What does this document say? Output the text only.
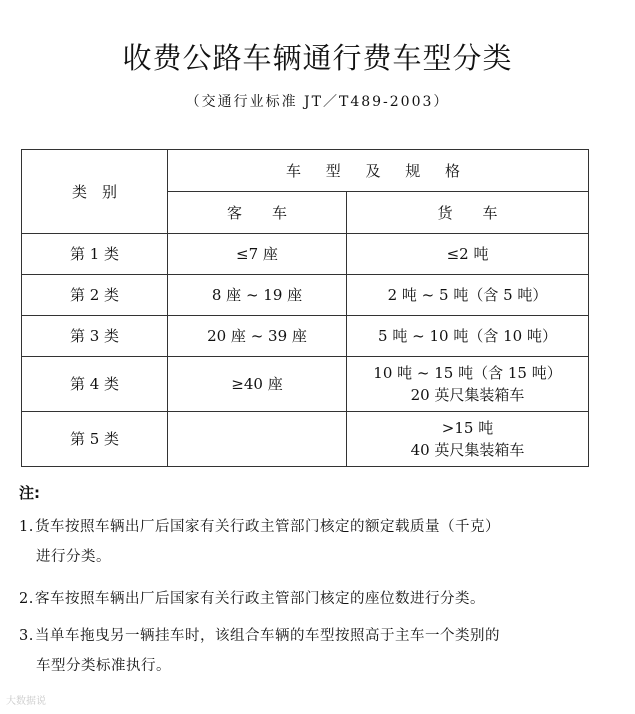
收费公路车辆通行费车型分类
（交通行业标准 JT／T489-2003）
类　别	车 型 及 规 格	
	客　　车	货　　车
第 1 类	≤7 座	≤2 吨

第 2 类	8 座 ~ 19 座	2 吨 ~ 5 吨（含 5 吨）

第 3 类	20 座 ~ 39 座	5 吨 ~ 10 吨（含 10 吨）

第 4 类	≥40 座	10 吨 ~ 15 吨（含 15 吨）
20 英尺集装箱车

第 5 类		>15 吨
40 英尺集装箱车
注:
1.货车按照车辆出厂后国家有关行政主管部门核定的额定载质量（千克）
进行分类。
2.客车按照车辆出厂后国家有关行政主管部门核定的座位数进行分类。
3.当单车拖曳另一辆挂车时，该组合车辆的车型按照高于主车一个类别的
车型分类标准执行。
大数据说
